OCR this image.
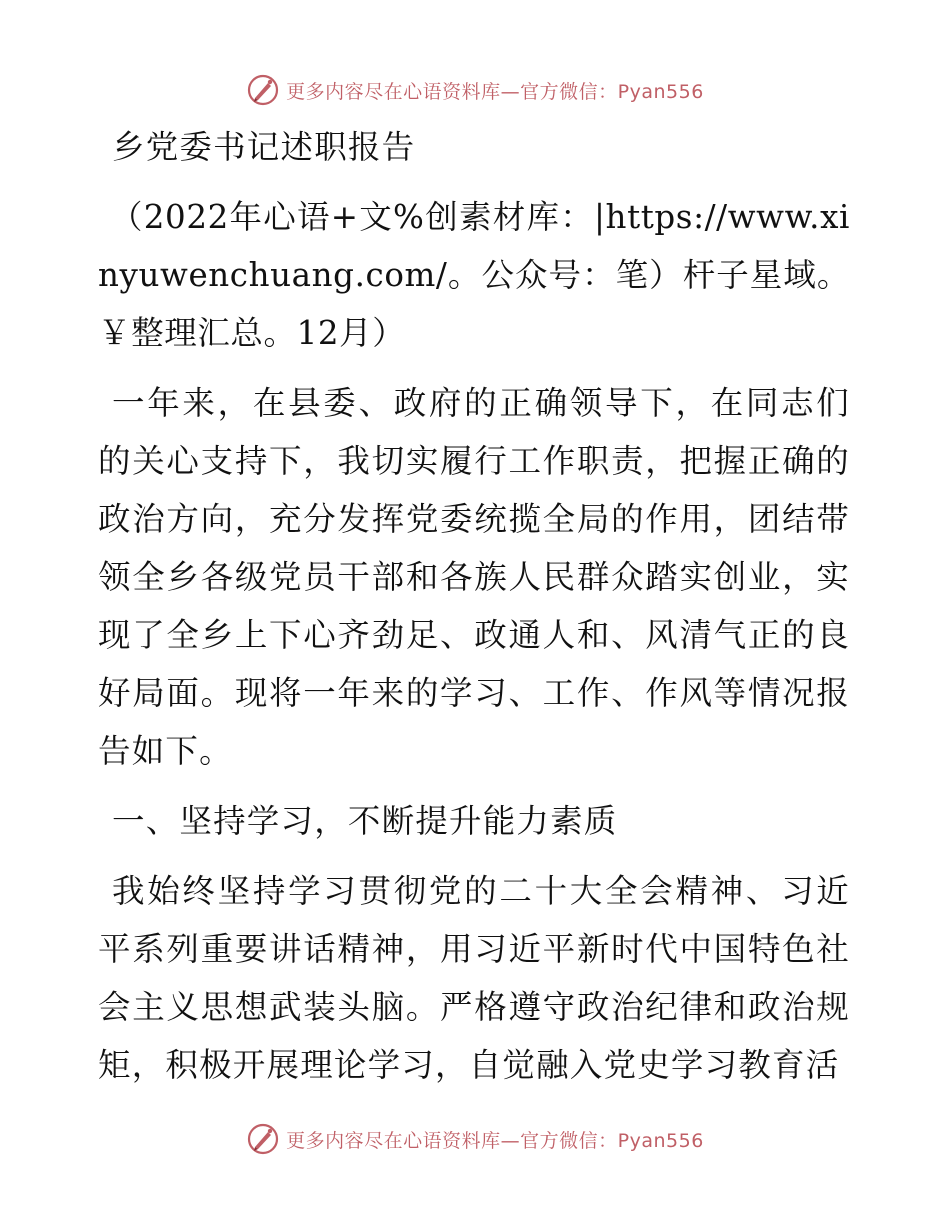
更多内容尽在心语资料库—官方微信：Pyan556

乡党委书记述职报告

（2022年心语+文%创素材库：|https://www.xinyuwenchuang.com/。公众号：笔）杆子星域。￥整理汇总。12月）

一年来，在县委、政府的正确领导下，在同志们的关心支持下，我切实履行工作职责，把握正确的政治方向，充分发挥党委统揽全局的作用，团结带领全乡各级党员干部和各族人民群众踏实创业，实现了全乡上下心齐劲足、政通人和、风清气正的良好局面。现将一年来的学习、工作、作风等情况报告如下。

一、坚持学习，不断提升能力素质

我始终坚持学习贯彻党的二十大全会精神、习近平系列重要讲话精神，用习近平新时代中国特色社会主义思想武装头脑。严格遵守政治纪律和政治规矩，积极开展理论学习，自觉融入党史学习教育活

更多内容尽在心语资料库—官方微信：Pyan556
